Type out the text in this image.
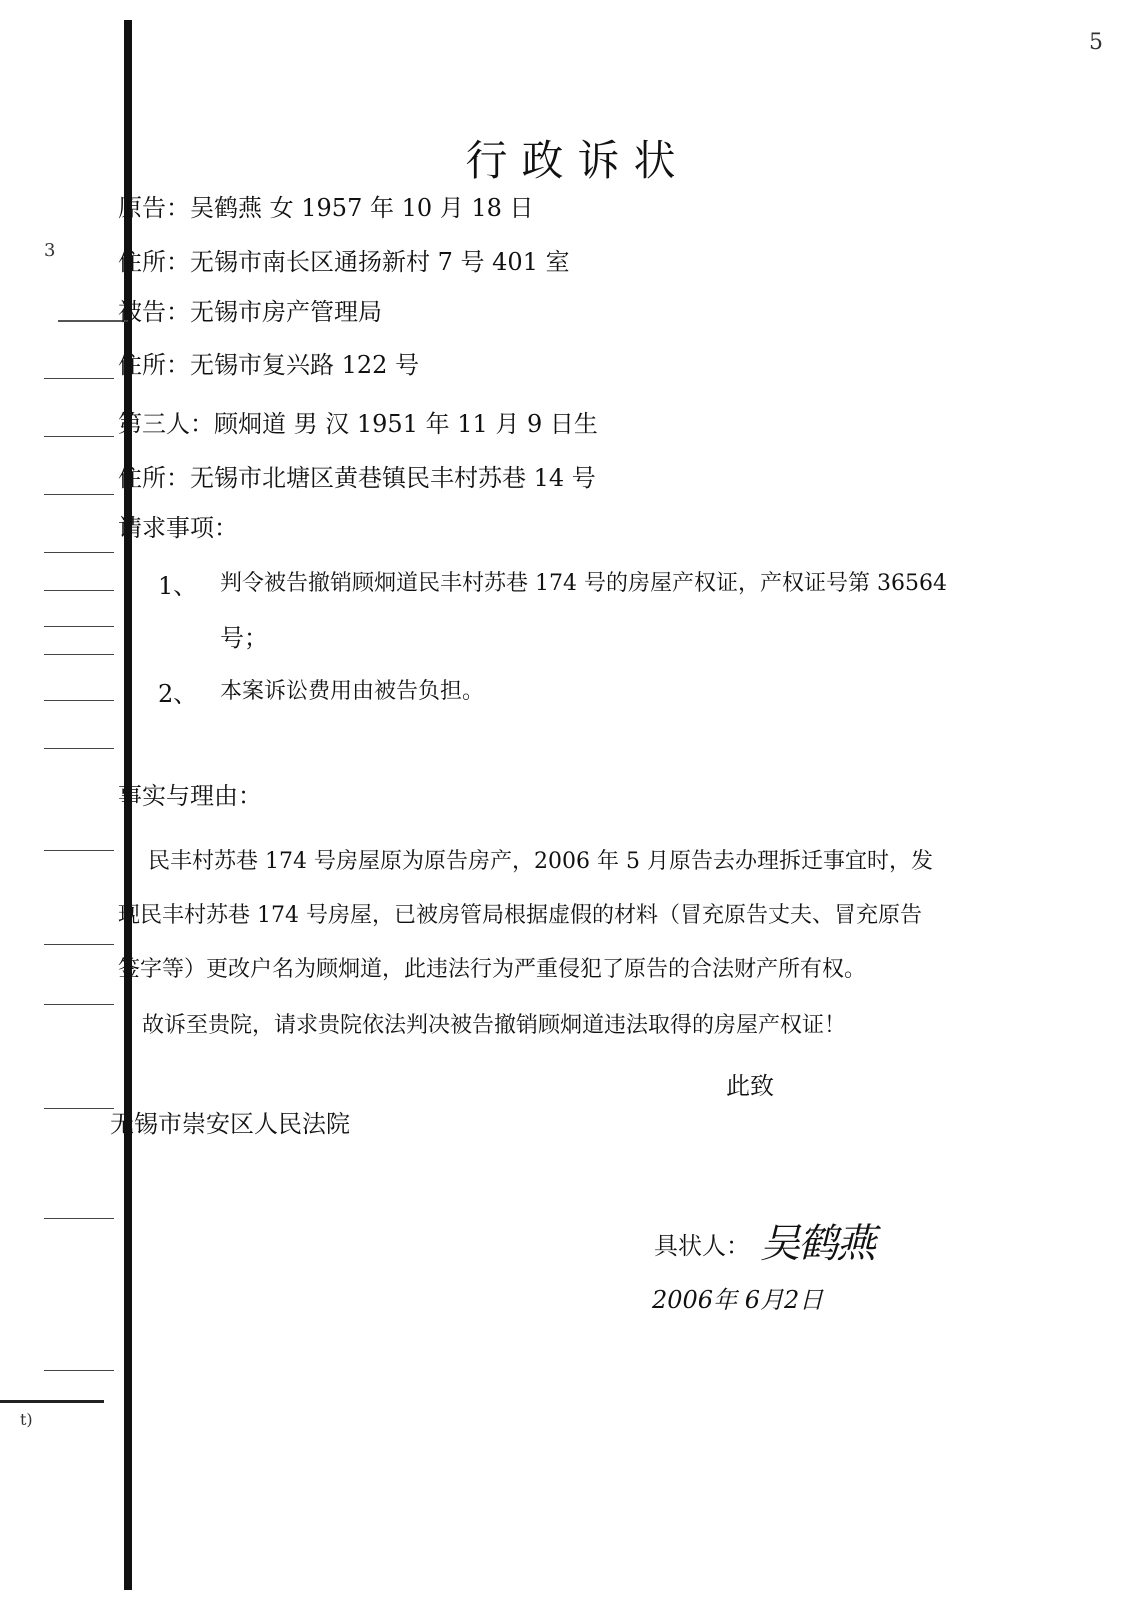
5
3
t)
行政诉状
原告：吴鹤燕 女 1957 年 10 月 18 日
住所：无锡市南长区通扬新村 7 号 401 室
被告：无锡市房产管理局
住所：无锡市复兴路 122 号
第三人：顾炯道 男 汉 1951 年 11 月 9 日生
住所：无锡市北塘区黄巷镇民丰村苏巷 14 号
请求事项：
1、 判令被告撤销顾炯道民丰村苏巷 174 号的房屋产权证，产权证号第 36564
号；
2、 本案诉讼费用由被告负担。
事实与理由：
民丰村苏巷 174 号房屋原为原告房产，2006 年 5 月原告去办理拆迁事宜时，发
现民丰村苏巷 174 号房屋，已被房管局根据虚假的材料（冒充原告丈夫、冒充原告
签字等）更改户名为顾炯道，此违法行为严重侵犯了原告的合法财产所有权。
故诉至贵院，请求贵院依法判决被告撤销顾炯道违法取得的房屋产权证！
此致
无锡市崇安区人民法院
具状人： 吴鹤燕
2006年 6月2日
